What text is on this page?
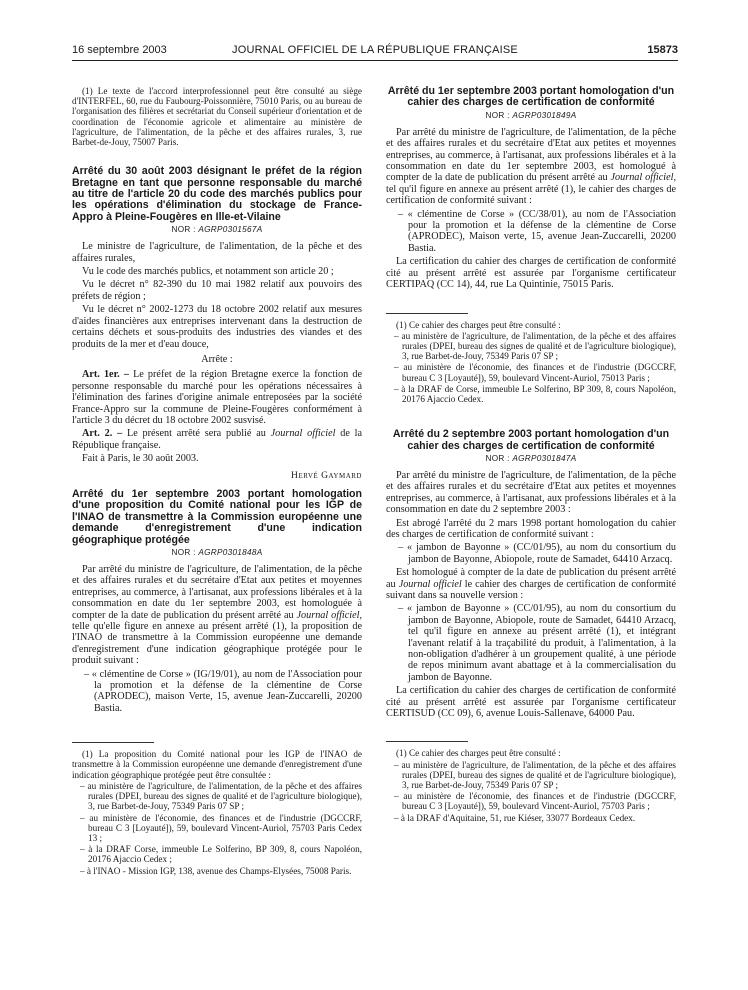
16 septembre 2003	JOURNAL OFFICIEL DE LA RÉPUBLIQUE FRANÇAISE	15873

(1) Le texte de l'accord interprofessionnel peut être consulté au siège d'INTERFEL, 60, rue du Faubourg-Poissonnière, 75010 Paris, ou au bureau de l'organisation des filières et secrétariat du Conseil supérieur d'orientation et de coordination de l'économie agricole et alimentaire au ministère de l'agriculture, de l'alimentation, de la pêche et des affaires rurales, 3, rue Barbet-de-Jouy, 75007 Paris.

Arrêté du 30 août 2003 désignant le préfet de la région Bretagne en tant que personne responsable du marché au titre de l'article 20 du code des marchés publics pour les opérations d'élimination du stockage de France-Appro à Pleine-Fougères en Ille-et-Vilaine
NOR : AGRP0301567A

Le ministre de l'agriculture, de l'alimentation, de la pêche et des affaires rurales,

Vu le code des marchés publics, et notamment son article 20 ;

Vu le décret n° 82-390 du 10 mai 1982 relatif aux pouvoirs des préfets de région ;

Vu le décret n° 2002-1273 du 18 octobre 2002 relatif aux mesures d'aides financières aux entreprises intervenant dans la destruction de certains déchets et sous-produits des industries des viandes et des produits de la mer et d'eau douce,

Arrête :

Art. 1er. – Le préfet de la région Bretagne exerce la fonction de personne responsable du marché pour les opérations nécessaires à l'élimination des farines d'origine animale entreposées par la société France-Appro sur la commune de Pleine-Fougères conformément à l'article 3 du décret du 18 octobre 2002 susvisé.

Art. 2. – Le présent arrêté sera publié au Journal officiel de la République française.

Fait à Paris, le 30 août 2003.

Hervé Gaymard

Arrêté du 1er septembre 2003 portant homologation d'une proposition du Comité national pour les IGP de l'INAO de transmettre à la Commission européenne une demande d'enregistrement d'une indication géographique protégée
NOR : AGRP0301848A

Par arrêté du ministre de l'agriculture, de l'alimentation, de la pêche et des affaires rurales et du secrétaire d'Etat aux petites et moyennes entreprises, au commerce, à l'artisanat, aux professions libérales et à la consommation en date du 1er septembre 2003, est homologuée à compter de la date de publication du présent arrêté au Journal officiel, telle qu'elle figure en annexe au présent arrêté (1), la proposition de l'INAO de transmettre à la Commission européenne une demande d'enregistrement d'une indication géographique protégée pour le produit suivant :

– « clémentine de Corse » (IG/19/01), au nom de l'Association pour la promotion et la défense de la clémentine de Corse (APRODEC), maison Verte, 15, avenue Jean-Zuccarelli, 20200 Bastia.

(1) La proposition du Comité national pour les IGP de l'INAO de transmettre à la Commission européenne une demande d'enregistrement d'une indication géographique protégée peut être consultée :

– au ministère de l'agriculture, de l'alimentation, de la pêche et des affaires rurales (DPEI, bureau des signes de qualité et de l'agriculture biologique), 3, rue Barbet-de-Jouy, 75349 Paris 07 SP ;

– au ministère de l'économie, des finances et de l'industrie (DGCCRF, bureau C 3 [Loyauté]), 59, boulevard Vincent-Auriol, 75703 Paris Cedex 13 ;

– à la DRAF Corse, immeuble Le Solferino, BP 309, 8, cours Napoléon, 20176 Ajaccio Cedex ;

– à l'INAO - Mission IGP, 138, avenue des Champs-Elysées, 75008 Paris.

Arrêté du 1er septembre 2003 portant homologation d'un cahier des charges de certification de conformité
NOR : AGRP0301849A

Par arrêté du ministre de l'agriculture, de l'alimentation, de la pêche et des affaires rurales et du secrétaire d'Etat aux petites et moyennes entreprises, au commerce, à l'artisanat, aux professions libérales et à la consommation en date du 1er septembre 2003, est homologué à compter de la date de publication du présent arrêté au Journal officiel, tel qu'il figure en annexe au présent arrêté (1), le cahier des charges de certification de conformité suivant :

– « clémentine de Corse » (CC/38/01), au nom de l'Association pour la promotion et la défense de la clémentine de Corse (APRODEC), Maison verte, 15, avenue Jean-Zuccarelli, 20200 Bastia.

La certification du cahier des charges de certification de conformité cité au présent arrêté est assurée par l'organisme certificateur CERTIPAQ (CC 14), 44, rue La Quintinie, 75015 Paris.

(1) Ce cahier des charges peut être consulté :

– au ministère de l'agriculture, de l'alimentation, de la pêche et des affaires rurales (DPEI, bureau des signes de qualité et de l'agriculture biologique), 3, rue Barbet-de-Jouy, 75349 Paris 07 SP ;

– au ministère de l'économie, des finances et de l'industrie (DGCCRF, bureau C 3 [Loyauté]), 59, boulevard Vincent-Auriol, 75013 Paris ;

– à la DRAF de Corse, immeuble Le Solferino, BP 309, 8, cours Napoléon, 20176 Ajaccio Cedex.

Arrêté du 2 septembre 2003 portant homologation d'un cahier des charges de certification de conformité
NOR : AGRP0301847A

Par arrêté du ministre de l'agriculture, de l'alimentation, de la pêche et des affaires rurales et du secrétaire d'Etat aux petites et moyennes entreprises, au commerce, à l'artisanat, aux professions libérales et à la consommation en date du 2 septembre 2003 :

Est abrogé l'arrêté du 2 mars 1998 portant homologation du cahier des charges de certification de conformité suivant :

– « jambon de Bayonne » (CC/01/95), au nom du consortium du jambon de Bayonne, Abiopole, route de Samadet, 64410 Arzacq.

Est homologué à compter de la date de publication du présent arrêté au Journal officiel le cahier des charges de certification de conformité suivant dans sa nouvelle version :

– « jambon de Bayonne » (CC/01/95), au nom du consortium du jambon de Bayonne, Abiopole, route de Samadet, 64410 Arzacq, tel qu'il figure en annexe au présent arrêté (1), et intégrant l'avenant relatif à la traçabilité du produit, à l'alimentation, à la non-obligation d'adhérer à un groupement qualité, à une période de repos minimum avant abattage et à la commercialisation du jambon de Bayonne.

La certification du cahier des charges de certification de conformité cité au présent arrêté est assurée par l'organisme certificateur CERTISUD (CC 09), 6, avenue Louis-Sallenave, 64000 Pau.

(1) Ce cahier des charges peut être consulté :

– au ministère de l'agriculture, de l'alimentation, de la pêche et des affaires rurales (DPEI, bureau des signes de qualité et de l'agriculture biologique), 3, rue Barbet-de-Jouy, 75349 Paris 07 SP ;

– au ministère de l'économie, des finances et de l'industrie (DGCCRF, bureau C 3 [Loyauté]), 59, boulevard Vincent-Auriol, 75703 Paris ;

– à la DRAF d'Aquitaine, 51, rue Kiéser, 33077 Bordeaux Cedex.
